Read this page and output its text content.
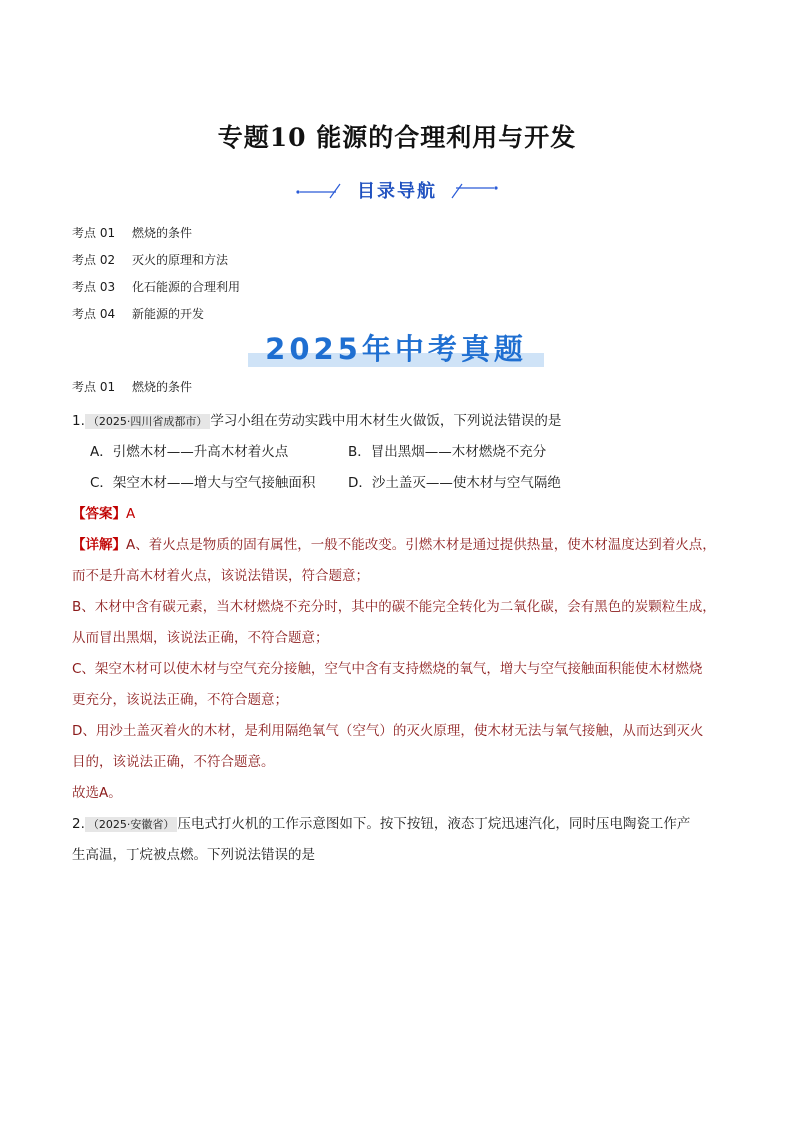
专题10 能源的合理利用与开发
目录导航
考点 01 燃烧的条件
考点 02 灭火的原理和方法
考点 03 化石能源的合理利用
考点 04 新能源的开发
2025年中考真题
考点 01 燃烧的条件
1. （2025·四川省成都市） 学习小组在劳动实践中用木材生火做饭，下列说法错误的是
A．引燃木材——升高木材着火点	B．冒出黑烟——木材燃烧不充分
C．架空木材——增大与空气接触面积 D．沙土盖灭——使木材与空气隔绝
【答案】A
【详解】A、着火点是物质的固有属性，一般不能改变。引燃木材是通过提供热量，使木材温度达到着火点，
而不是升高木材着火点，该说法错误，符合题意；
B、木材中含有碳元素，当木材燃烧不充分时，其中的碳不能完全转化为二氧化碳，会有黑色的炭颗粒生成，
从而冒出黑烟，该说法正确，不符合题意；
C、架空木材可以使木材与空气充分接触，空气中含有支持燃烧的氧气，增大与空气接触面积能使木材燃烧
更充分，该说法正确，不符合题意；
D、用沙土盖灭着火的木材，是利用隔绝氧气（空气）的灭火原理，使木材无法与氧气接触，从而达到灭火
目的，该说法正确，不符合题意。
故选A。
2. （2025·安徽省） 压电式打火机的工作示意图如下。按下按钮，液态丁烷迅速汽化，同时压电陶瓷工作产
生高温，丁烷被点燃。下列说法错误的是
